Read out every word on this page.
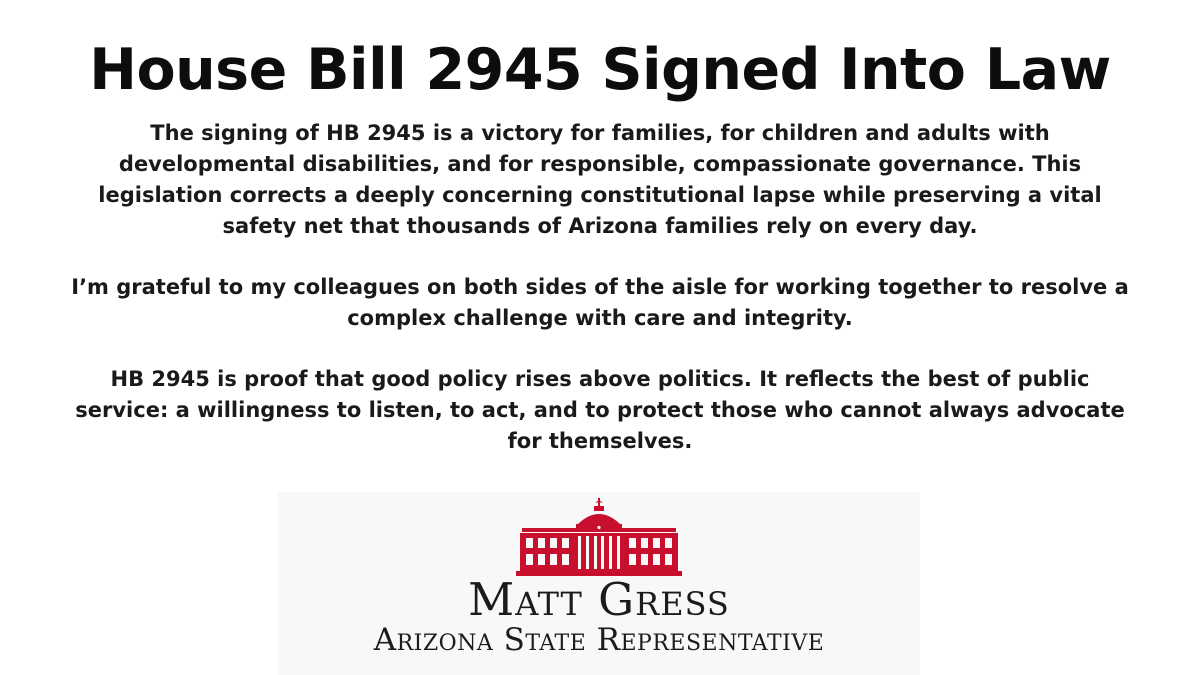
House Bill 2945 Signed Into Law

The signing of HB 2945 is a victory for families, for children and adults with developmental disabilities, and for responsible, compassionate governance. This legislation corrects a deeply concerning constitutional lapse while preserving a vital safety net that thousands of Arizona families rely on every day.

I’m grateful to my colleagues on both sides of the aisle for working together to resolve a complex challenge with care and integrity.

HB 2945 is proof that good policy rises above politics. It reflects the best of public service: a willingness to listen, to act, and to protect those who cannot always advocate for themselves.

Matt Gress
Arizona State Representative
